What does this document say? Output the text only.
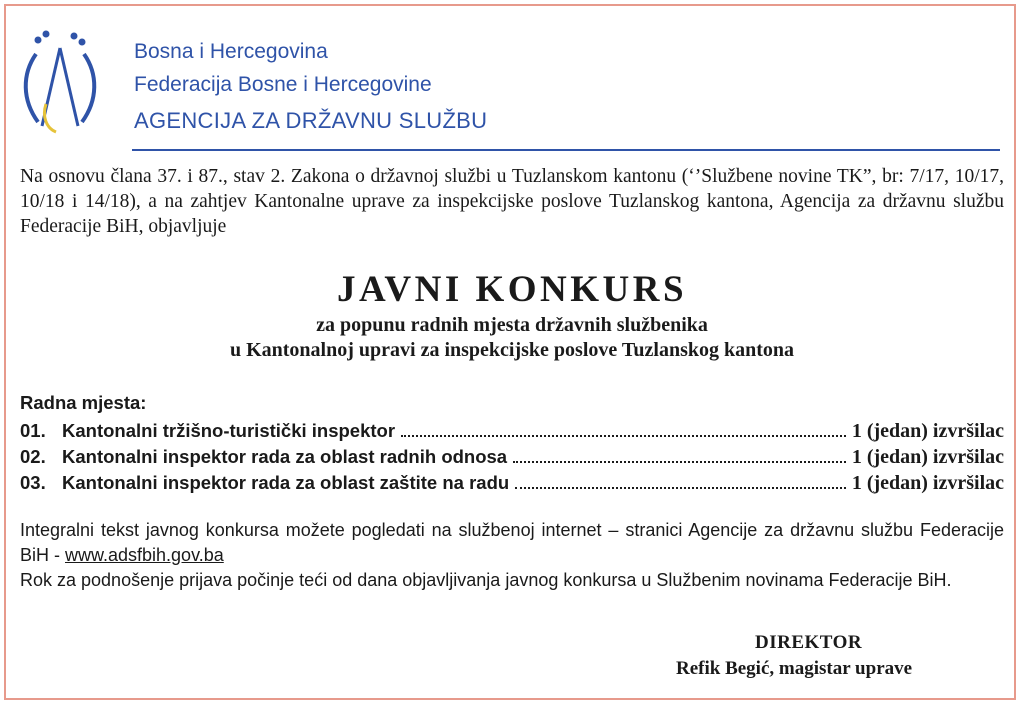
Bosna i Hercegovina
Federacija Bosne i Hercegovine
AGENCIJA ZA DRŽAVNU SLUŽBU
Na osnovu člana 37. i 87., stav 2. Zakona o državnoj službi u Tuzlanskom kantonu (‘’Službene novine TK”, br: 7/17, 10/17, 10/18 i 14/18), a na zahtjev Kantonalne uprave za inspekcijske poslove Tuzlanskog kantona, Agencija za državnu službu Federacije BiH, objavljuje
JAVNI KONKURS
za popunu radnih mjesta državnih službenika
u Kantonalnoj upravi za inspekcijske poslove Tuzlanskog kantona
Radna mjesta:
01. Kantonalni tržišno-turistički inspektor	1 (jedan) izvršilac
02. Kantonalni inspektor rada za oblast radnih odnosa	1 (jedan) izvršilac
03. Kantonalni inspektor rada za oblast zaštite na radu	1 (jedan) izvršilac
Integralni tekst javnog konkursa možete pogledati na službenoj internet – stranici Agencije za državnu službu Federacije BiH - www.adsfbih.gov.ba
Rok za podnošenje prijava počinje teći od dana objavljivanja javnog konkursa u Službenim novinama Federacije BiH.
DIREKTOR
Refik Begić, magistar uprave
